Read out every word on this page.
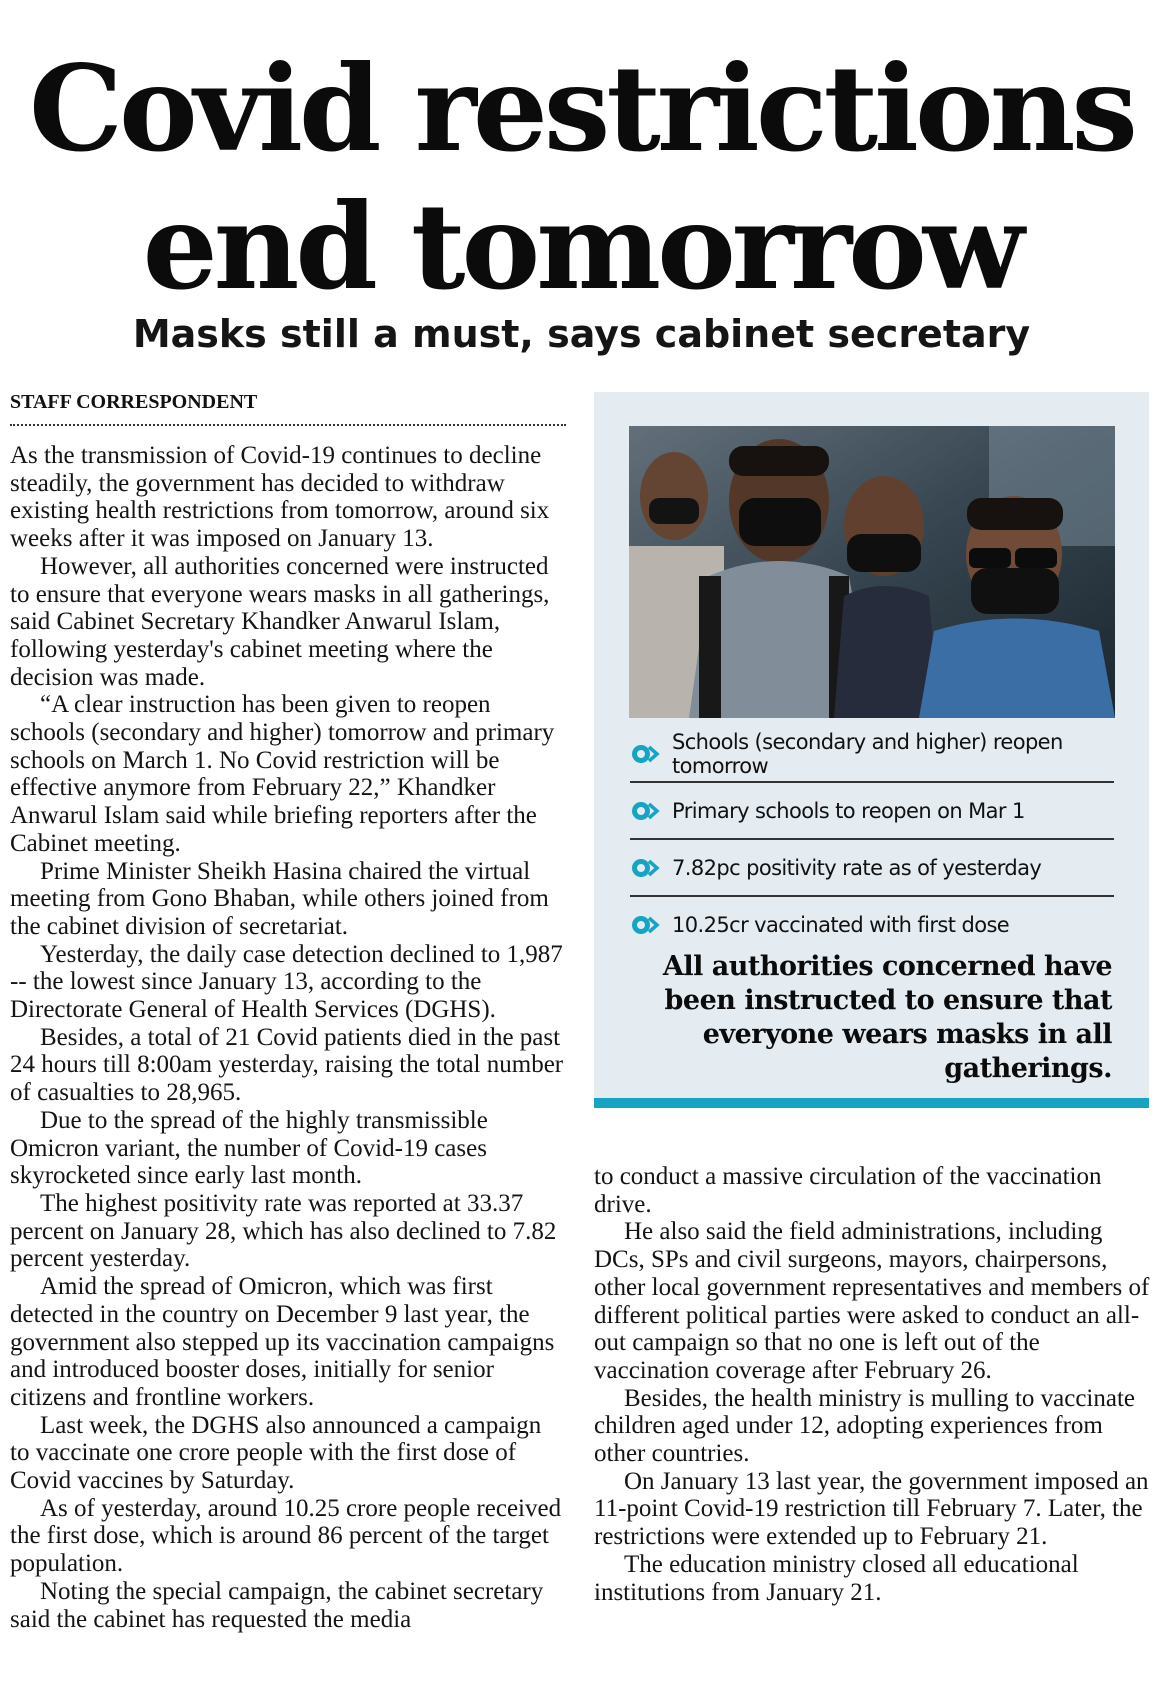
Covid restrictions
end tomorrow
Masks still a must, says cabinet secretary
STAFF CORRESPONDENT

As the transmission of Covid-19 continues to decline steadily, the government has decided to withdraw existing health restrictions from tomorrow, around six weeks after it was imposed on January 13.

However, all authorities concerned were instructed to ensure that everyone wears masks in all gatherings, said Cabinet Secretary Khandker Anwarul Islam, following yesterday's cabinet meeting where the decision was made.

“A clear instruction has been given to reopen schools (secondary and higher) tomorrow and primary schools on March 1. No Covid restriction will be effective anymore from February 22,” Khandker Anwarul Islam said while briefing reporters after the Cabinet meeting.

Prime Minister Sheikh Hasina chaired the virtual meeting from Gono Bhaban, while others joined from the cabinet division of secretariat.

Yesterday, the daily case detection declined to 1,987 -- the lowest since January 13, according to the Directorate General of Health Services (DGHS).

Besides, a total of 21 Covid patients died in the past 24 hours till 8:00am yesterday, raising the total number of casualties to 28,965.

Due to the spread of the highly transmissible Omicron variant, the number of Covid-19 cases skyrocketed since early last month.

The highest positivity rate was reported at 33.37 percent on January 28, which has also declined to 7.82 percent yesterday.

Amid the spread of Omicron, which was first detected in the country on December 9 last year, the government also stepped up its vaccination campaigns and introduced booster doses, initially for senior citizens and frontline workers.

Last week, the DGHS also announced a campaign to vaccinate one crore people with the first dose of Covid vaccines by Saturday.

As of yesterday, around 10.25 crore people received the first dose, which is around 86 percent of the target population.

Noting the special campaign, the cabinet secretary said the cabinet has requested the media

Schools (secondary and higher) reopen tomorrow
Primary schools to reopen on Mar 1
7.82pc positivity rate as of yesterday
10.25cr vaccinated with first dose

All authorities concerned have been instructed to ensure that everyone wears masks in all gatherings.

to conduct a massive circulation of the vaccination drive.

He also said the field administrations, including DCs, SPs and civil surgeons, mayors, chairpersons, other local government representatives and members of different political parties were asked to conduct an all-out campaign so that no one is left out of the vaccination coverage after February 26.

Besides, the health ministry is mulling to vaccinate children aged under 12, adopting experiences from other countries.

On January 13 last year, the government imposed an 11-point Covid-19 restriction till February 7. Later, the restrictions were extended up to February 21.

The education ministry closed all educational institutions from January 21.
